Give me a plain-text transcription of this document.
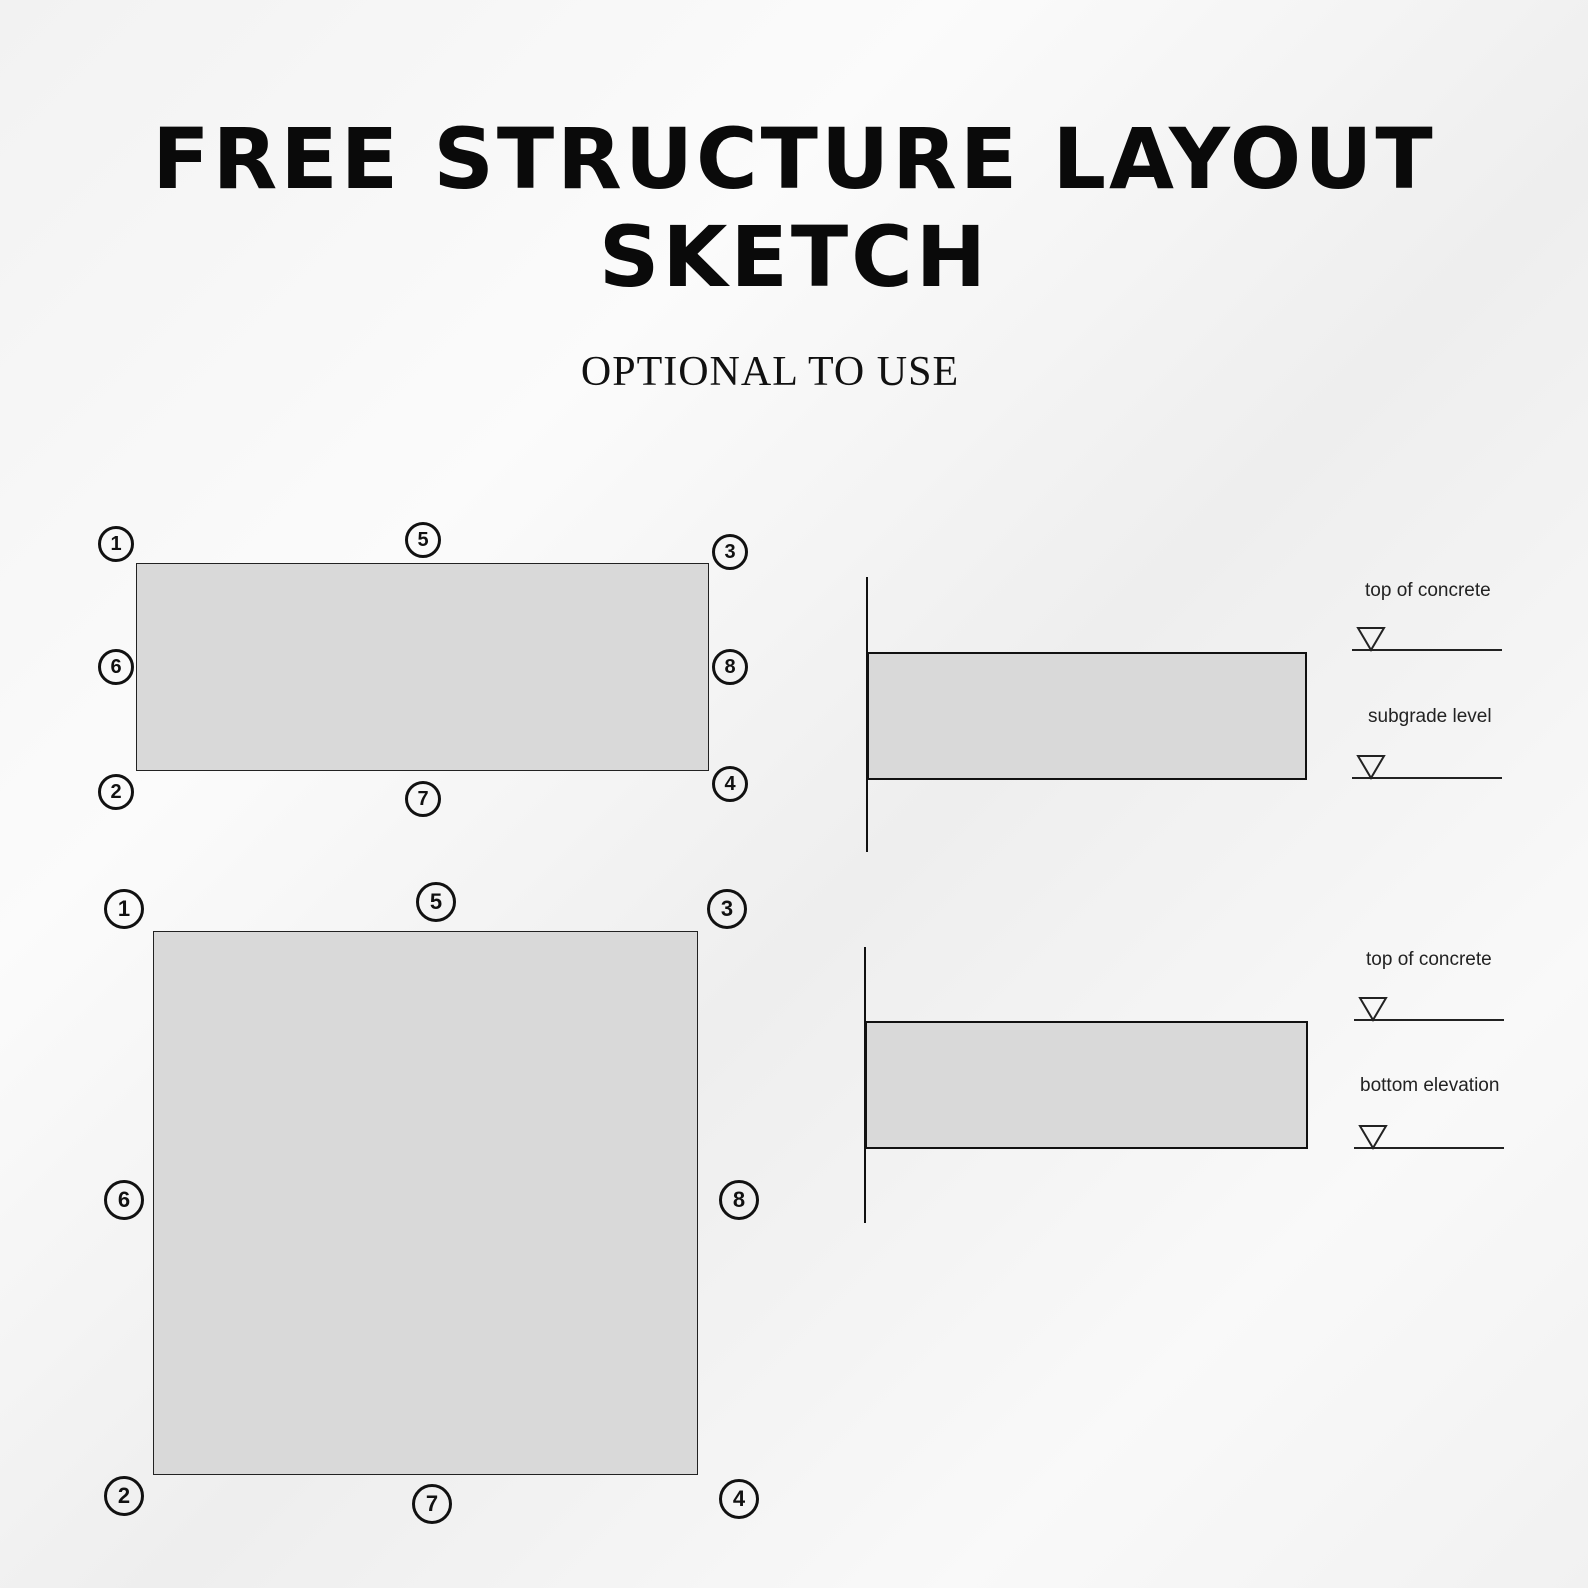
FREE STRUCTURE LAYOUT
SKETCH
OPTIONAL TO USE
1	5
3
6	8
2	7
4
1	5	3
6	8
2	7	4
top of concrete
subgrade level
top of concrete
bottom elevation
